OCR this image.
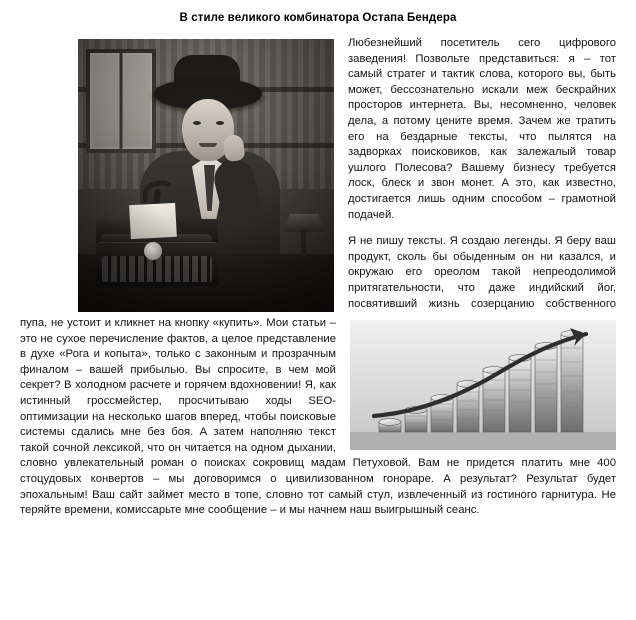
В стиле великого комбинатора Остапа Бендера

Любезнейший посетитель сего цифрового заведения! Позвольте представиться: я – тот самый стратег и тактик слова, которого вы, быть может, бессознательно искали меж бескрайних просторов интернета. Вы, несомненно, человек дела, а потому цените время. Зачем же тратить его на бездарные тексты, что пылятся на задворках поисковиков, как залежалый товар ушлого Полесова? Вашему бизнесу требуется лоск, блеск и звон монет. А это, как известно, достигается лишь одним способом – грамотной подачей.

Я не пишу тексты. Я создаю легенды. Я беру ваш продукт, сколь бы обыденным он ни казался, и окружаю его ореолом такой непреодолимой притягательности, что даже индийский йог, посвятивший жизнь созерцанию собственного пупа, не устоит и кликнет на кнопку «купить». Мои статьи – это не сухое перечисление фактов, а целое представление в духе «Рога и копыта», только с законным и прозрачным финалом – вашей прибылью. Вы спросите, в чем мой секрет? В холодном расчете и горячем вдохновении! Я, как истинный гроссмейстер, просчитываю ходы SEO-оптимизации на несколько шагов вперед, чтобы поисковые системы сдались мне без боя. А затем наполняю текст такой сочной лексикой, что он читается на одном дыхании, словно увлекательный роман о поисках сокровищ мадам Петуховой. Вам не придется платить мне 400 стоцудовых конвертов – мы договоримся о цивилизованном гонораре. А результат? Результат будет эпохальным! Ваш сайт займет место в топе, словно тот самый стул, извлеченный из гостиного гарнитура. Не теряйте времени, комиссарьте мне сообщение – и мы начнем наш выигрышный сеанс.
